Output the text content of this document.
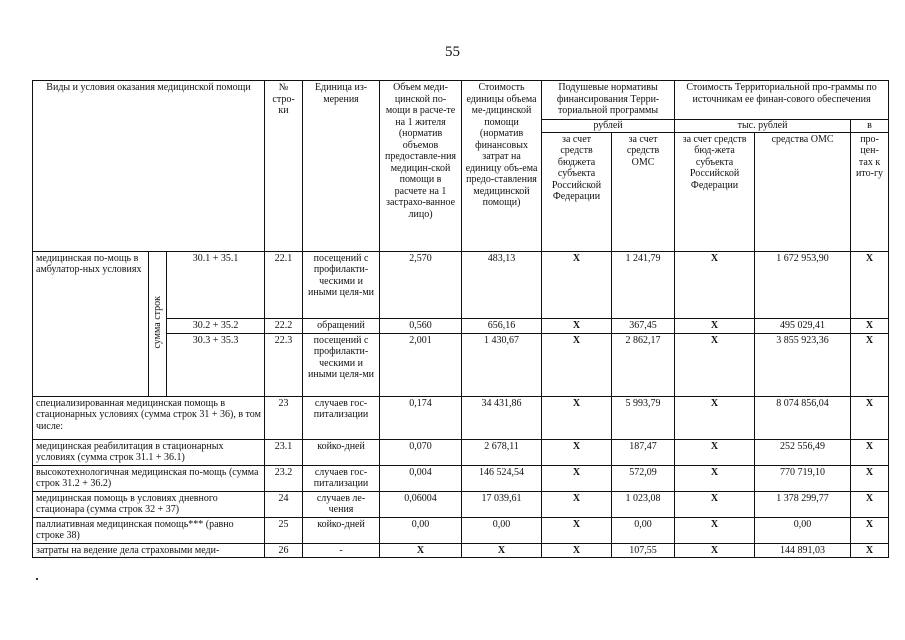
55
Виды и условия оказания медицинской помощи			№ стро-ки	Единица из-мерения	Объем меди-цинской по-мощи в расче-те на 1 жителя (норматив объемов предоставле-ния медицин-ской помощи в расчете на 1 застрахо-ванное лицо)	Стоимость единицы объема ме-дицинской помощи (норматив финансовых затрат на единицу объ-ема предо-ставления медицинской помощи)	Подушевые нормативы финансирования Терри-ториальной программы		Стоимость Территориальной про-граммы по источникам ее финан-сового обеспечения		
							рублей		тыс. рублей		в
							за счет средств бюджета субъекта Российской Федерации	за счет средств ОМС	за счет средств бюд-жета субъекта Российской Федерации	средства ОМС	про-цен-тах к ито-гу
медицинская по-мощь в амбулатор-ных условиях	сумма строк	30.1 + 35.1	22.1	посещений с профилакти-ческими и иными целя-ми	2,570	483,13	X	1 241,79	X	1 672 953,90	X
		30.2 + 35.2	22.2	обращений	0,560	656,16	X	367,45	X	495 029,41	X
		30.3 + 35.3	22.3	посещений с профилакти-ческими и иными целя-ми	2,001	1 430,67	X	2 862,17	X	3 855 923,36	X
специализированная медицинская помощь в стационарных условиях (сумма строк 31 + 36), в том числе:			23	случаев гос-питализации	0,174	34 431,86	X	5 993,79	X	8 074 856,04	X
медицинская реабилитация в стационарных условиях (сумма строк 31.1 + 36.1)			23.1	койко-дней	0,070	2 678,11	X	187,47	X	252 556,49	X
высокотехнологичная медицинская по-мощь (сумма строк 31.2 + 36.2)			23.2	случаев гос-питализации	0,004	146 524,54	X	572,09	X	770 719,10	X
медицинская помощь в условиях дневного стационара (сумма строк 32 + 37)			24	случаев ле-чения	0,06004	17 039,61	X	1 023,08	X	1 378 299,77	X
паллиативная медицинская помощь*** (равно строке 38)			25	койко-дней	0,00	0,00	X	0,00	X	0,00	X
затраты на ведение дела страховыми меди-			26	-	X	X	X	107,55	X	144 891,03	X
